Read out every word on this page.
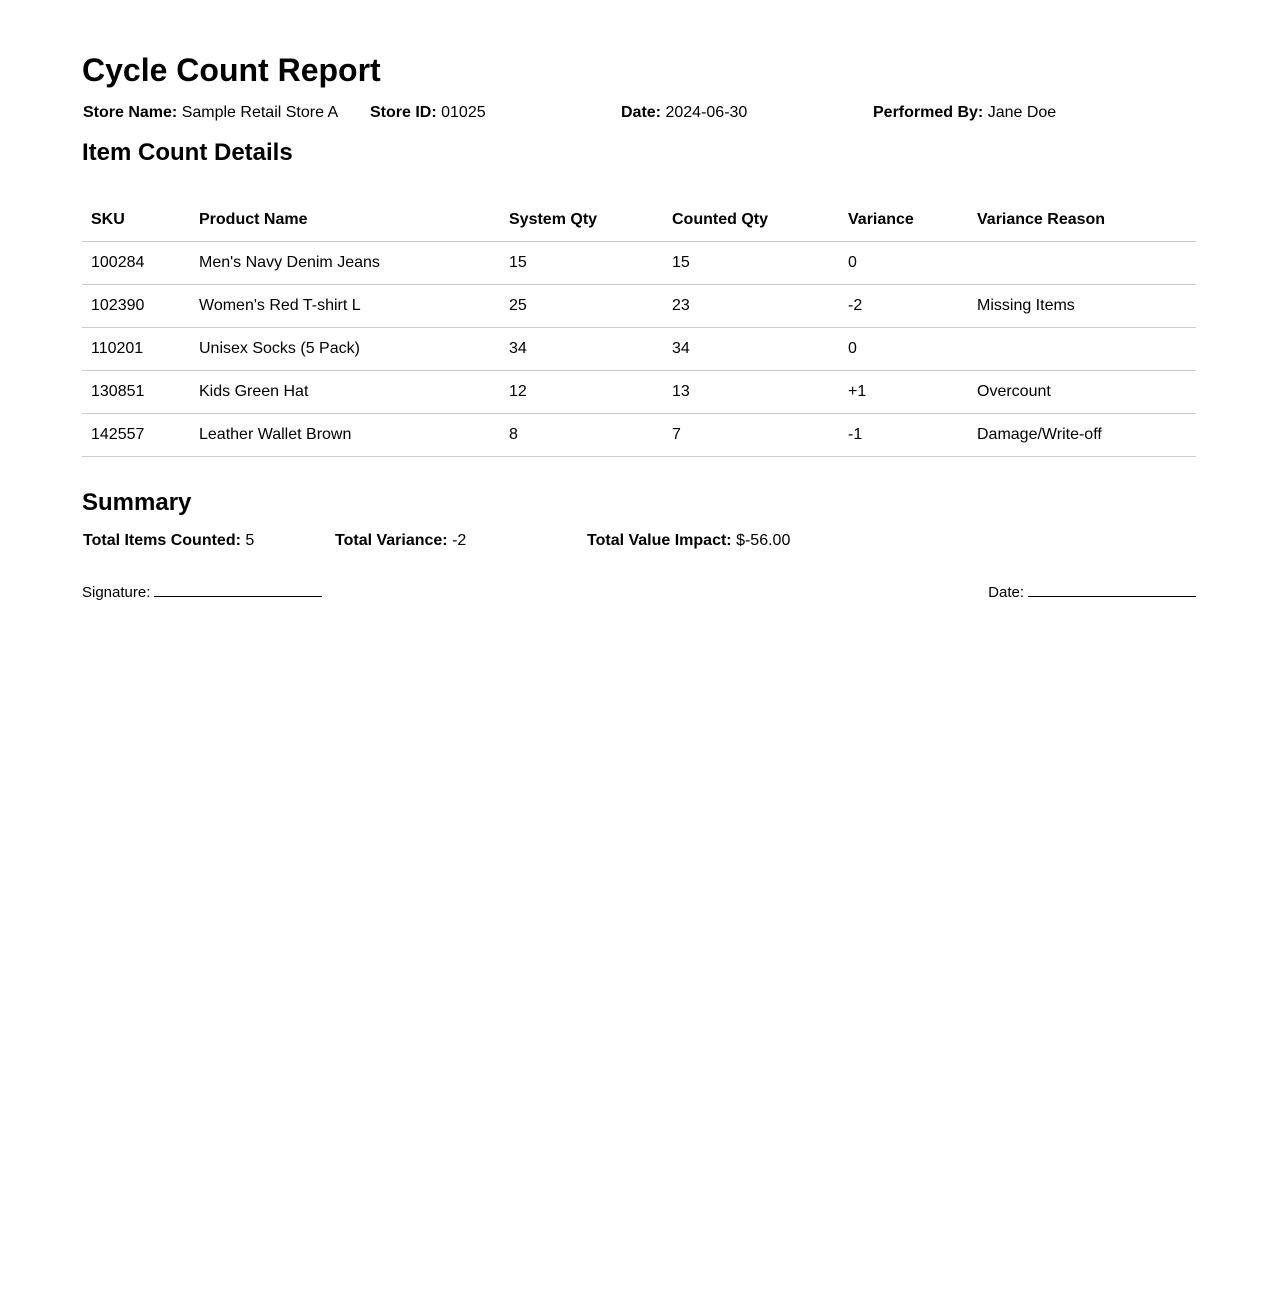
Cycle Count Report
Store Name: Sample Retail Store A Store ID: 01025	Date: 2024-06-30	Performed By: Jane Doe
Item Count Details
SKU	Product Name	System Qty	Counted Qty	Variance	Variance Reason
100284	Men's Navy Denim Jeans	15	15	0	
102390	Women's Red T-shirt L	25	23	-2	Missing Items
110201	Unisex Socks (5 Pack)	34	34	0	
130851	Kids Green Hat	12	13	+1	Overcount
142557	Leather Wallet Brown	8	7	-1	Damage/Write-off
Summary
Total Items Counted: 5	Total Variance: -2	Total Value Impact: $-56.00
Signature:	Date:
